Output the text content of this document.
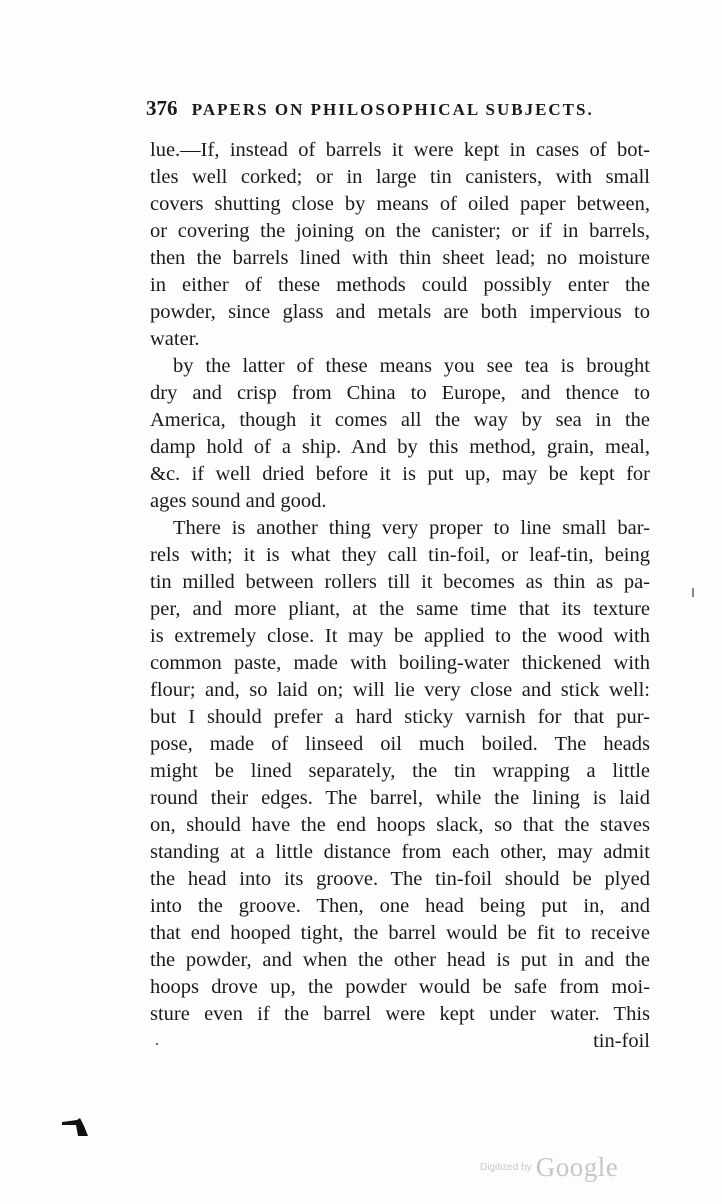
376 PAPERS ON PHILOSOPHICAL SUBJECTS.
lue.—If, instead of barrels it were kept in cases of bot-
tles well corked; or in large tin canisters, with small
covers shutting close by means of oiled paper between,
or covering the joining on the canister; or if in barrels,
then the barrels lined with thin sheet lead; no moisture
in either of these methods could possibly enter the
powder, since glass and metals are both impervious to
water.
by the latter of these means you see tea is brought
dry and crisp from China to Europe, and thence to
America, though it comes all the way by sea in the
damp hold of a ship. And by this method, grain, meal,
&c. if well dried before it is put up, may be kept for
ages sound and good.
There is another thing very proper to line small bar-
rels with; it is what they call tin-foil, or leaf-tin, being
tin milled between rollers till it becomes as thin as pa-
per, and more pliant, at the same time that its texture
is extremely close. It may be applied to the wood with
common paste, made with boiling-water thickened with
flour; and, so laid on; will lie very close and stick well:
but I should prefer a hard sticky varnish for that pur-
pose, made of linseed oil much boiled. The heads
might be lined separately, the tin wrapping a little
round their edges. The barrel, while the lining is laid
on, should have the end hoops slack, so that the staves
standing at a little distance from each other, may admit
the head into its groove. The tin-foil should be plyed
into the groove. Then, one head being put in, and
that end hooped tight, the barrel would be fit to receive
the powder, and when the other head is put in and the
hoops drove up, the powder would be safe from moi-
sture even if the barrel were kept under water. This
tin-foil
$^{Digitized by}$ Google
